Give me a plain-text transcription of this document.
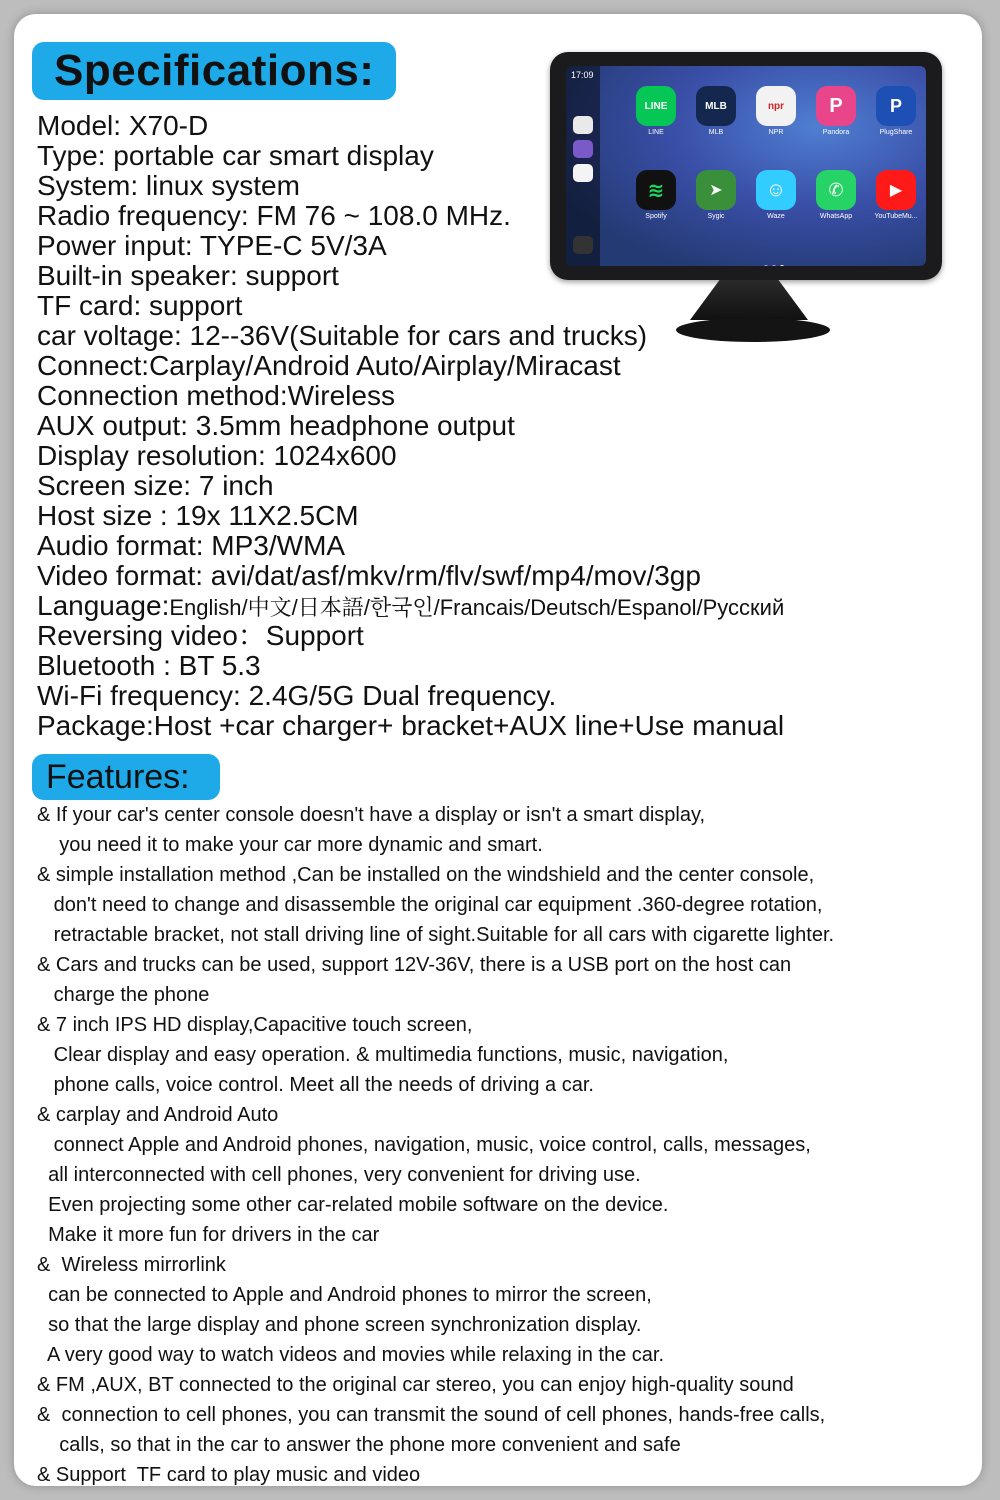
Specifications:
Model: X70-D
Type: portable car smart display
System: linux system
Radio frequency: FM 76 ~ 108.0 MHz.
Power input: TYPE-C 5V/3A
Built-in speaker: support
TF card: support
car voltage: 12--36V(Suitable for cars and trucks)
Connect:Carplay/Android Auto/Airplay/Miracast
Connection method:Wireless
AUX output: 3.5mm headphone output
Display resolution: 1024x600
Screen size: 7 inch
Host size : 19x 11X2.5CM
Audio format: MP3/WMA
Video format: avi/dat/asf/mkv/rm/flv/swf/mp4/mov/3gp
Language:English/中文/日本語/한국인/Francais/Deutsch/Espanol/Русский
Reversing video：Support
Bluetooth : BT 5.3
Wi-Fi frequency: 2.4G/5G Dual frequency.
Package:Host +car charger+ bracket+AUX line+Use manual
17:09
LINE
LINE
MLB
MLB
npr
NPR
P
Pandora
P
PlugShare
≋
Spotify
➤
Sygic
☺
Waze
✆
WhatsApp
▶
YouTubeMu...
Features:
& If your car's center console doesn't have a display or isn't a smart display,
you need it to make your car more dynamic and smart.
& simple installation method ,Can be installed on the windshield and the center console,
don't need to change and disassemble the original car equipment .360-degree rotation,
retractable bracket, not stall driving line of sight.Suitable for all cars with cigarette lighter.
& Cars and trucks can be used, support 12V-36V, there is a USB port on the host can
charge the phone
& 7 inch IPS HD display,Capacitive touch screen,
Clear display and easy operation. & multimedia functions, music, navigation,
phone calls, voice control. Meet all the needs of driving a car.
& carplay and Android Auto
connect Apple and Android phones, navigation, music, voice control, calls, messages,
all interconnected with cell phones, very convenient for driving use.
Even projecting some other car-related mobile software on the device.
Make it more fun for drivers in the car
&  Wireless mirrorlink
can be connected to Apple and Android phones to mirror the screen,
so that the large display and phone screen synchronization display.
A very good way to watch videos and movies while relaxing in the car.
& FM ,AUX, BT connected to the original car stereo, you can enjoy high-quality sound
&  connection to cell phones, you can transmit the sound of cell phones, hands-free calls,
calls, so that in the car to answer the phone more convenient and safe
& Support  TF card to play music and video
